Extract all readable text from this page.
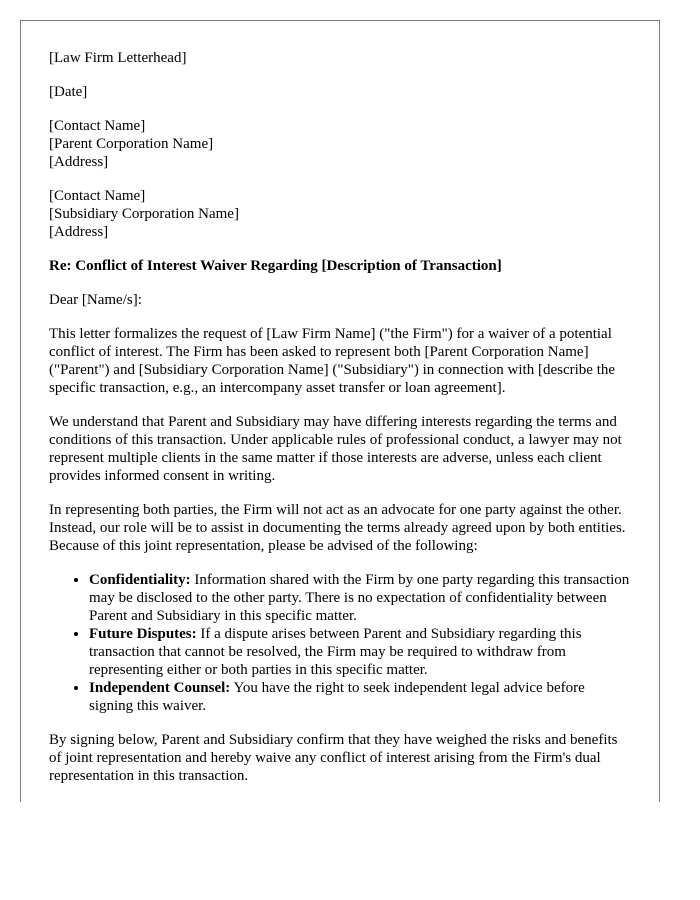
[Law Firm Letterhead]

[Date]

[Contact Name]
[Parent Corporation Name]
[Address]

[Contact Name]
[Subsidiary Corporation Name]
[Address]

Re: Conflict of Interest Waiver Regarding [Description of Transaction]

Dear [Name/s]:

This letter formalizes the request of [Law Firm Name] ("the Firm") for a waiver of a potential conflict of interest. The Firm has been asked to represent both [Parent Corporation Name] ("Parent") and [Subsidiary Corporation Name] ("Subsidiary") in connection with [describe the specific transaction, e.g., an intercompany asset transfer or loan agreement].

We understand that Parent and Subsidiary may have differing interests regarding the terms and conditions of this transaction. Under applicable rules of professional conduct, a lawyer may not represent multiple clients in the same matter if those interests are adverse, unless each client provides informed consent in writing.

In representing both parties, the Firm will not act as an advocate for one party against the other. Instead, our role will be to assist in documenting the terms already agreed upon by both entities. Because of this joint representation, please be advised of the following:

• Confidentiality: Information shared with the Firm by one party regarding this transaction may be disclosed to the other party. There is no expectation of confidentiality between Parent and Subsidiary in this specific matter.
• Future Disputes: If a dispute arises between Parent and Subsidiary regarding this transaction that cannot be resolved, the Firm may be required to withdraw from representing either or both parties in this specific matter.
• Independent Counsel: You have the right to seek independent legal advice before signing this waiver.

By signing below, Parent and Subsidiary confirm that they have weighed the risks and benefits of joint representation and hereby waive any conflict of interest arising from the Firm's dual representation in this transaction.
